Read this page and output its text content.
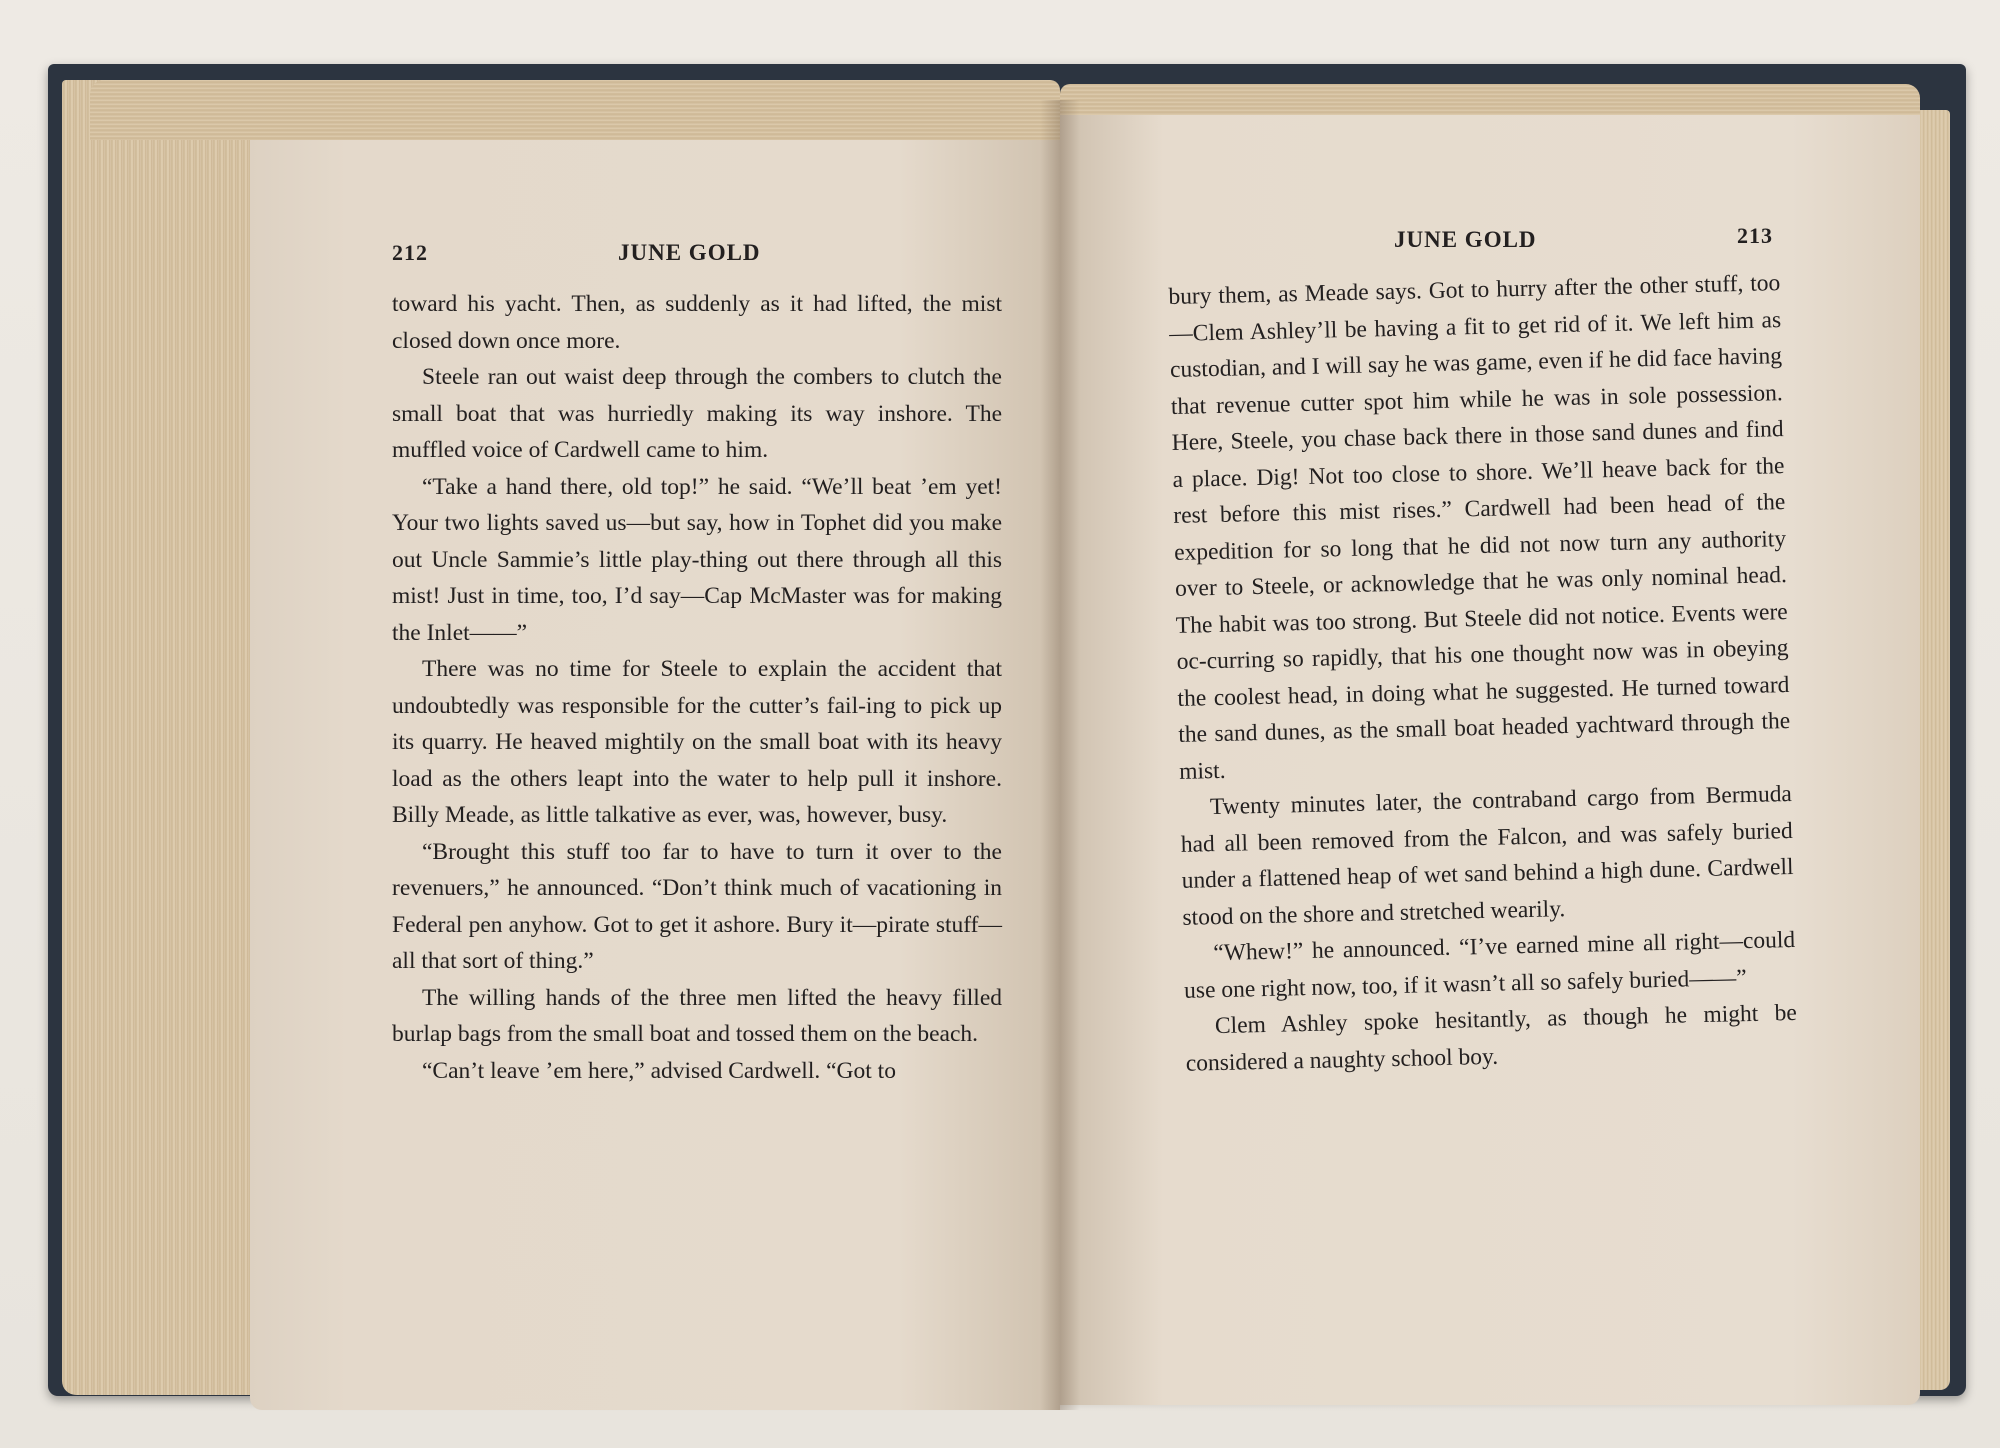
212	JUNE GOLD

toward his yacht. Then, as suddenly as it had lifted, the mist closed down once more.

Steele ran out waist deep through the combers to clutch the small boat that was hurriedly making its way inshore. The muffled voice of Cardwell came to him.

“Take a hand there, old top!” he said. “We’ll beat ’em yet! Your two lights saved us—but say, how in Tophet did you make out Uncle Sammie’s little play-thing out there through all this mist! Just in time, too, I’d say—Cap McMaster was for making the Inlet——”

There was no time for Steele to explain the accident that undoubtedly was responsible for the cutter’s fail-ing to pick up its quarry. He heaved mightily on the small boat with its heavy load as the others leapt into the water to help pull it inshore. Billy Meade, as little talkative as ever, was, however, busy.

“Brought this stuff too far to have to turn it over to the revenuers,” he announced. “Don’t think much of vacationing in Federal pen anyhow. Got to get it ashore. Bury it—pirate stuff—all that sort of thing.”

The willing hands of the three men lifted the heavy filled burlap bags from the small boat and tossed them on the beach.

“Can’t leave ’em here,” advised Cardwell. “Got to

JUNE GOLD	213

bury them, as Meade says. Got to hurry after the other stuff, too—Clem Ashley’ll be having a fit to get rid of it. We left him as custodian, and I will say he was game, even if he did face having that revenue cutter spot him while he was in sole possession. Here, Steele, you chase back there in those sand dunes and find a place. Dig! Not too close to shore. We’ll heave back for the rest before this mist rises.” Cardwell had been head of the expedition for so long that he did not now turn any authority over to Steele, or acknowledge that he was only nominal head. The habit was too strong. But Steele did not notice. Events were oc-curring so rapidly, that his one thought now was in obeying the coolest head, in doing what he suggested. He turned toward the sand dunes, as the small boat headed yachtward through the mist.

Twenty minutes later, the contraband cargo from Bermuda had all been removed from the Falcon, and was safely buried under a flattened heap of wet sand behind a high dune. Cardwell stood on the shore and stretched wearily.

“Whew!” he announced. “I’ve earned mine all right—could use one right now, too, if it wasn’t all so safely buried——”

Clem Ashley spoke hesitantly, as though he might be considered a naughty school boy.
